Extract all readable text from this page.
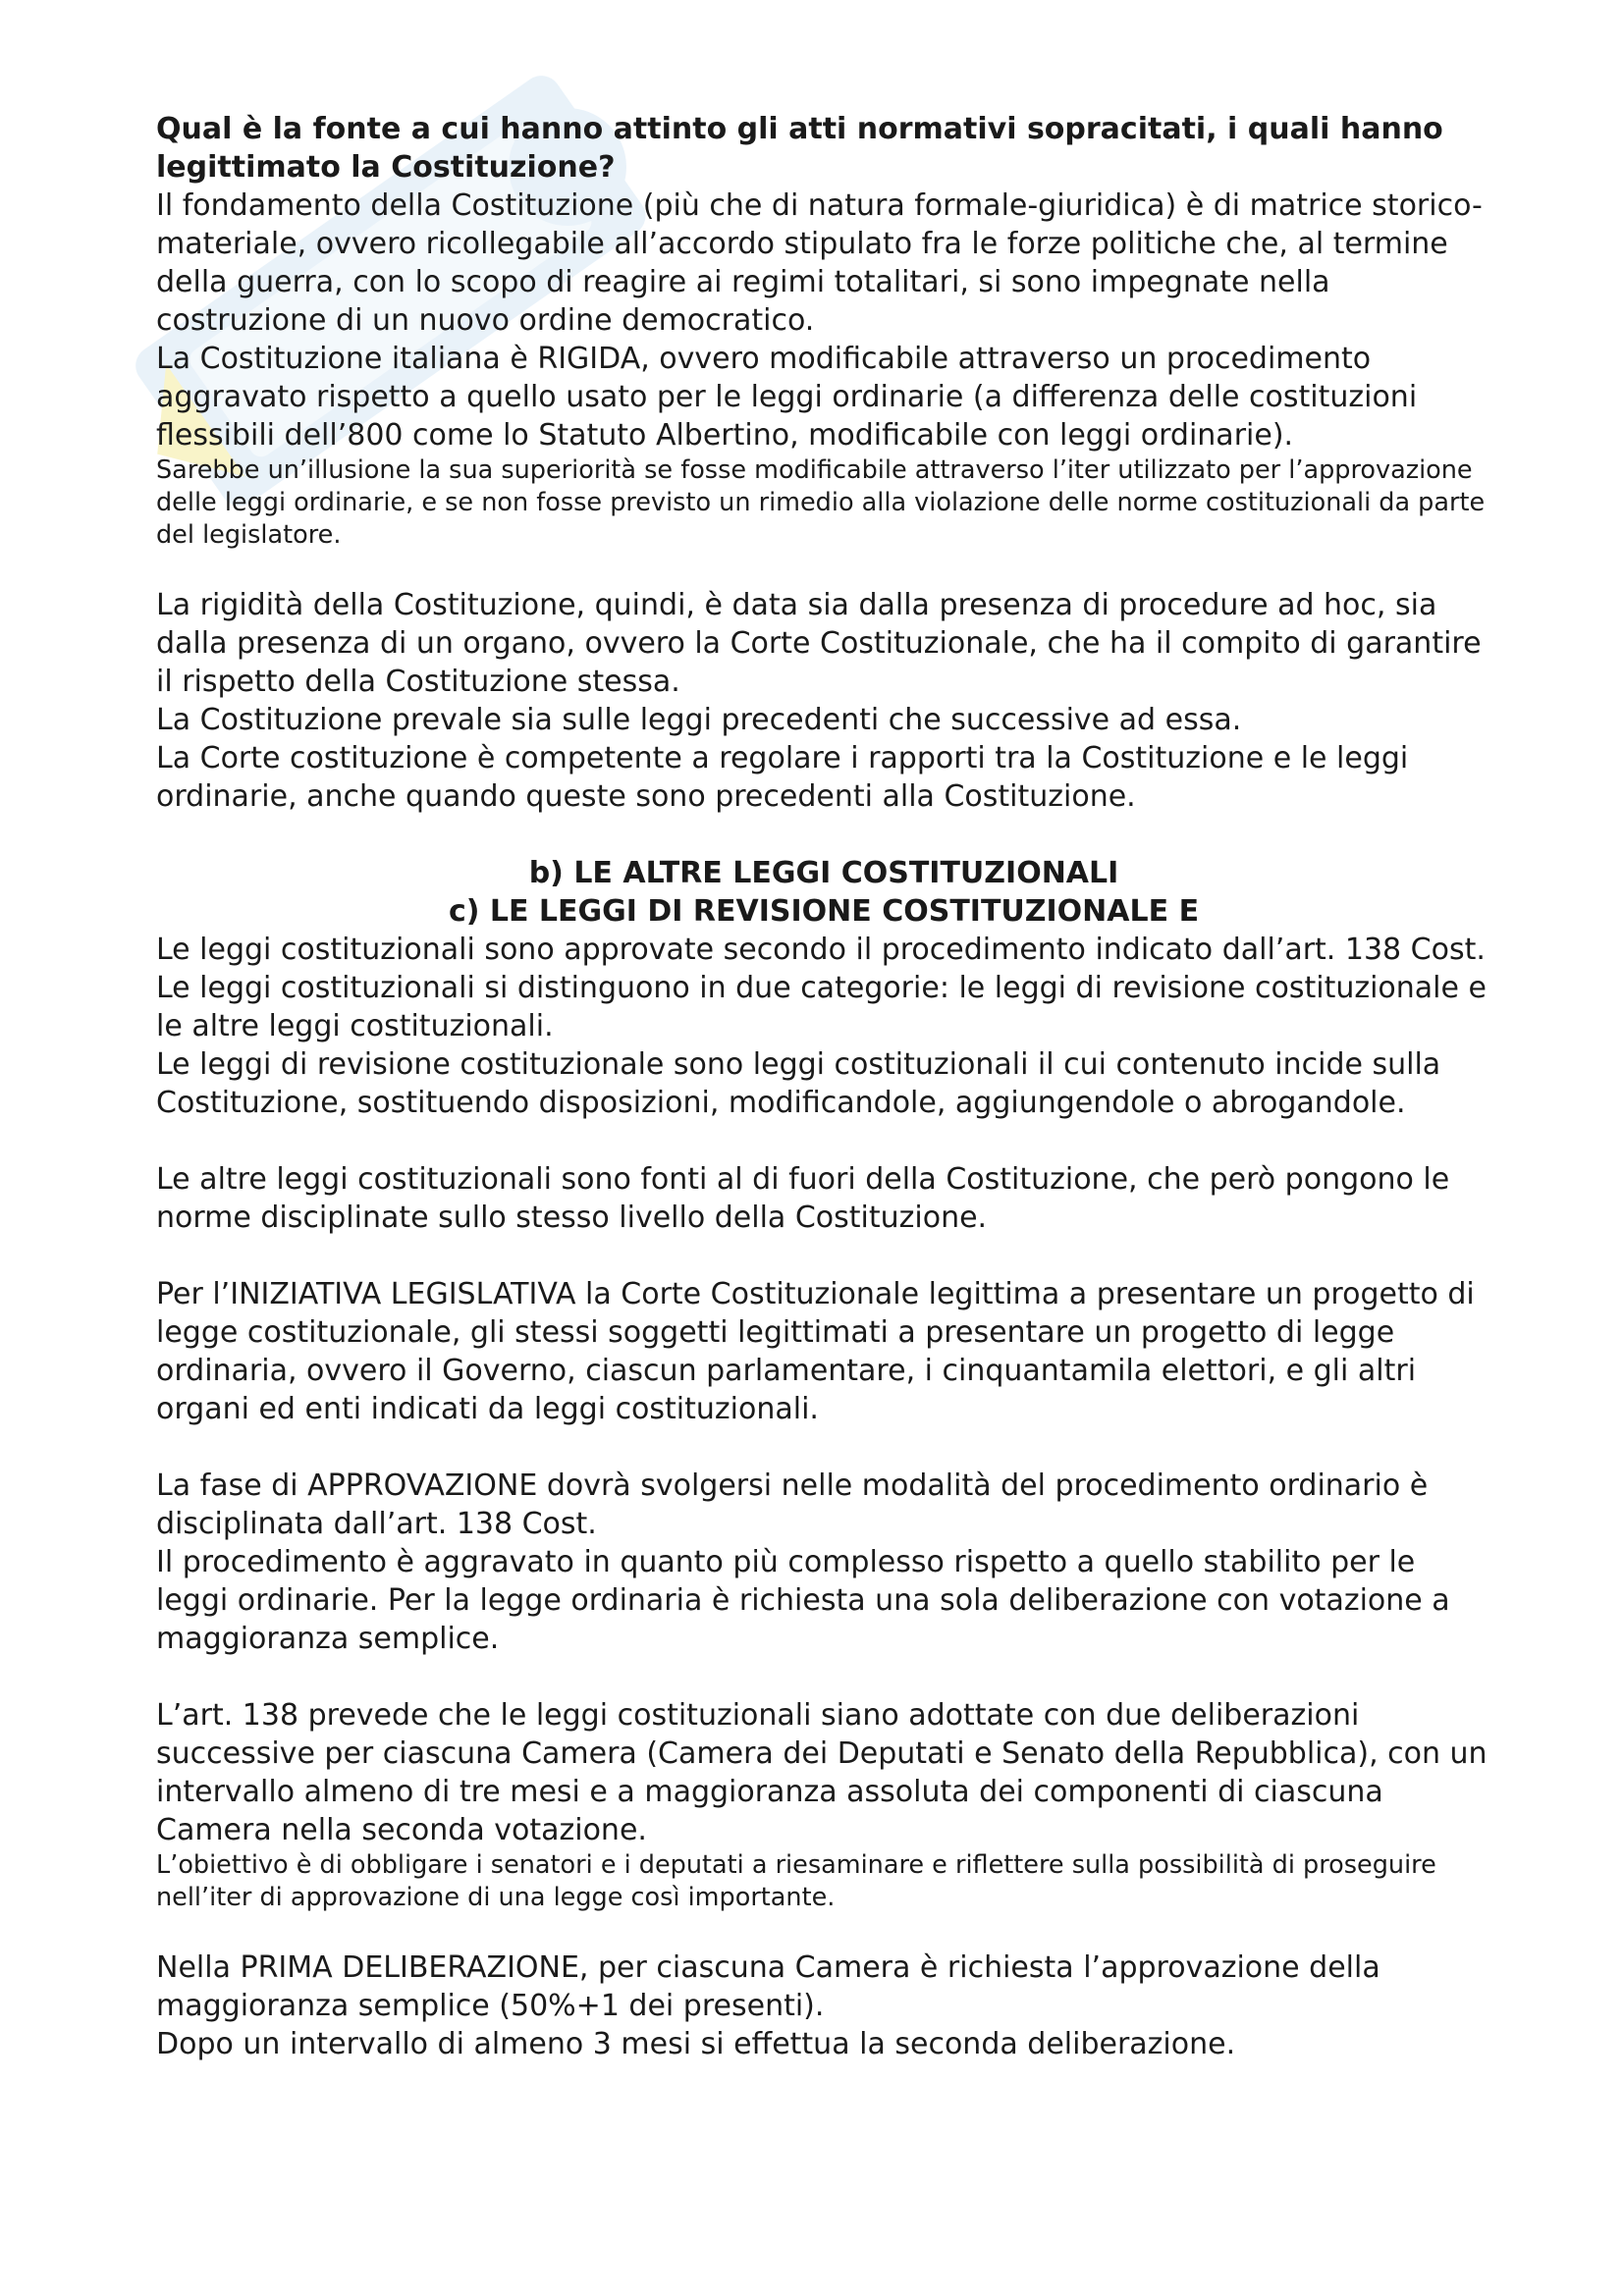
Qual è la fonte a cui hanno attinto gli atti normativi sopracitati, i quali hanno legittimato la Costituzione?

Il fondamento della Costituzione (più che di natura formale-giuridica) è di matrice storico-materiale, ovvero ricollegabile all’accordo stipulato fra le forze politiche che, al termine della guerra, con lo scopo di reagire ai regimi totalitari, si sono impegnate nella costruzione di un nuovo ordine democratico.

La Costituzione italiana è RIGIDA, ovvero modificabile attraverso un procedimento aggravato rispetto a quello usato per le leggi ordinarie (a differenza delle costituzioni flessibili dell’800 come lo Statuto Albertino, modificabile con leggi ordinarie).

Sarebbe un’illusione la sua superiorità se fosse modificabile attraverso l’iter utilizzato per l’approvazione delle leggi ordinarie, e se non fosse previsto un rimedio alla violazione delle norme costituzionali da parte del legislatore.

La rigidità della Costituzione, quindi, è data sia dalla presenza di procedure ad hoc, sia dalla presenza di un organo, ovvero la Corte Costituzionale, che ha il compito di garantire il rispetto della Costituzione stessa.

La Costituzione prevale sia sulle leggi precedenti che successive ad essa.

La Corte costituzione è competente a regolare i rapporti tra la Costituzione e le leggi ordinarie, anche quando queste sono precedenti alla Costituzione.

b) LE ALTRE LEGGI COSTITUZIONALI

c) LE LEGGI DI REVISIONE COSTITUZIONALE E

Le leggi costituzionali sono approvate secondo il procedimento indicato dall’art. 138 Cost.

Le leggi costituzionali si distinguono in due categorie: le leggi di revisione costituzionale e le altre leggi costituzionali.

Le leggi di revisione costituzionale sono leggi costituzionali il cui contenuto incide sulla Costituzione, sostituendo disposizioni, modificandole, aggiungendole o abrogandole.

Le altre leggi costituzionali sono fonti al di fuori della Costituzione, che però pongono le norme disciplinate sullo stesso livello della Costituzione.

Per l’INIZIATIVA LEGISLATIVA la Corte Costituzionale legittima a presentare un progetto di legge costituzionale, gli stessi soggetti legittimati a presentare un progetto di legge ordinaria, ovvero il Governo, ciascun parlamentare, i cinquantamila elettori, e gli altri organi ed enti indicati da leggi costituzionali.

La fase di APPROVAZIONE dovrà svolgersi nelle modalità del procedimento ordinario è disciplinata dall’art. 138 Cost.

Il procedimento è aggravato in quanto più complesso rispetto a quello stabilito per le leggi ordinarie. Per la legge ordinaria è richiesta una sola deliberazione con votazione a maggioranza semplice.

L’art. 138 prevede che le leggi costituzionali siano adottate con due deliberazioni successive per ciascuna Camera (Camera dei Deputati e Senato della Repubblica), con un intervallo almeno di tre mesi e a maggioranza assoluta dei componenti di ciascuna Camera nella seconda votazione.

L’obiettivo è di obbligare i senatori e i deputati a riesaminare e riflettere sulla possibilità di proseguire nell’iter di approvazione di una legge così importante.

Nella PRIMA DELIBERAZIONE, per ciascuna Camera è richiesta l’approvazione della maggioranza semplice (50%+1 dei presenti).

Dopo un intervallo di almeno 3 mesi si effettua la seconda deliberazione.
